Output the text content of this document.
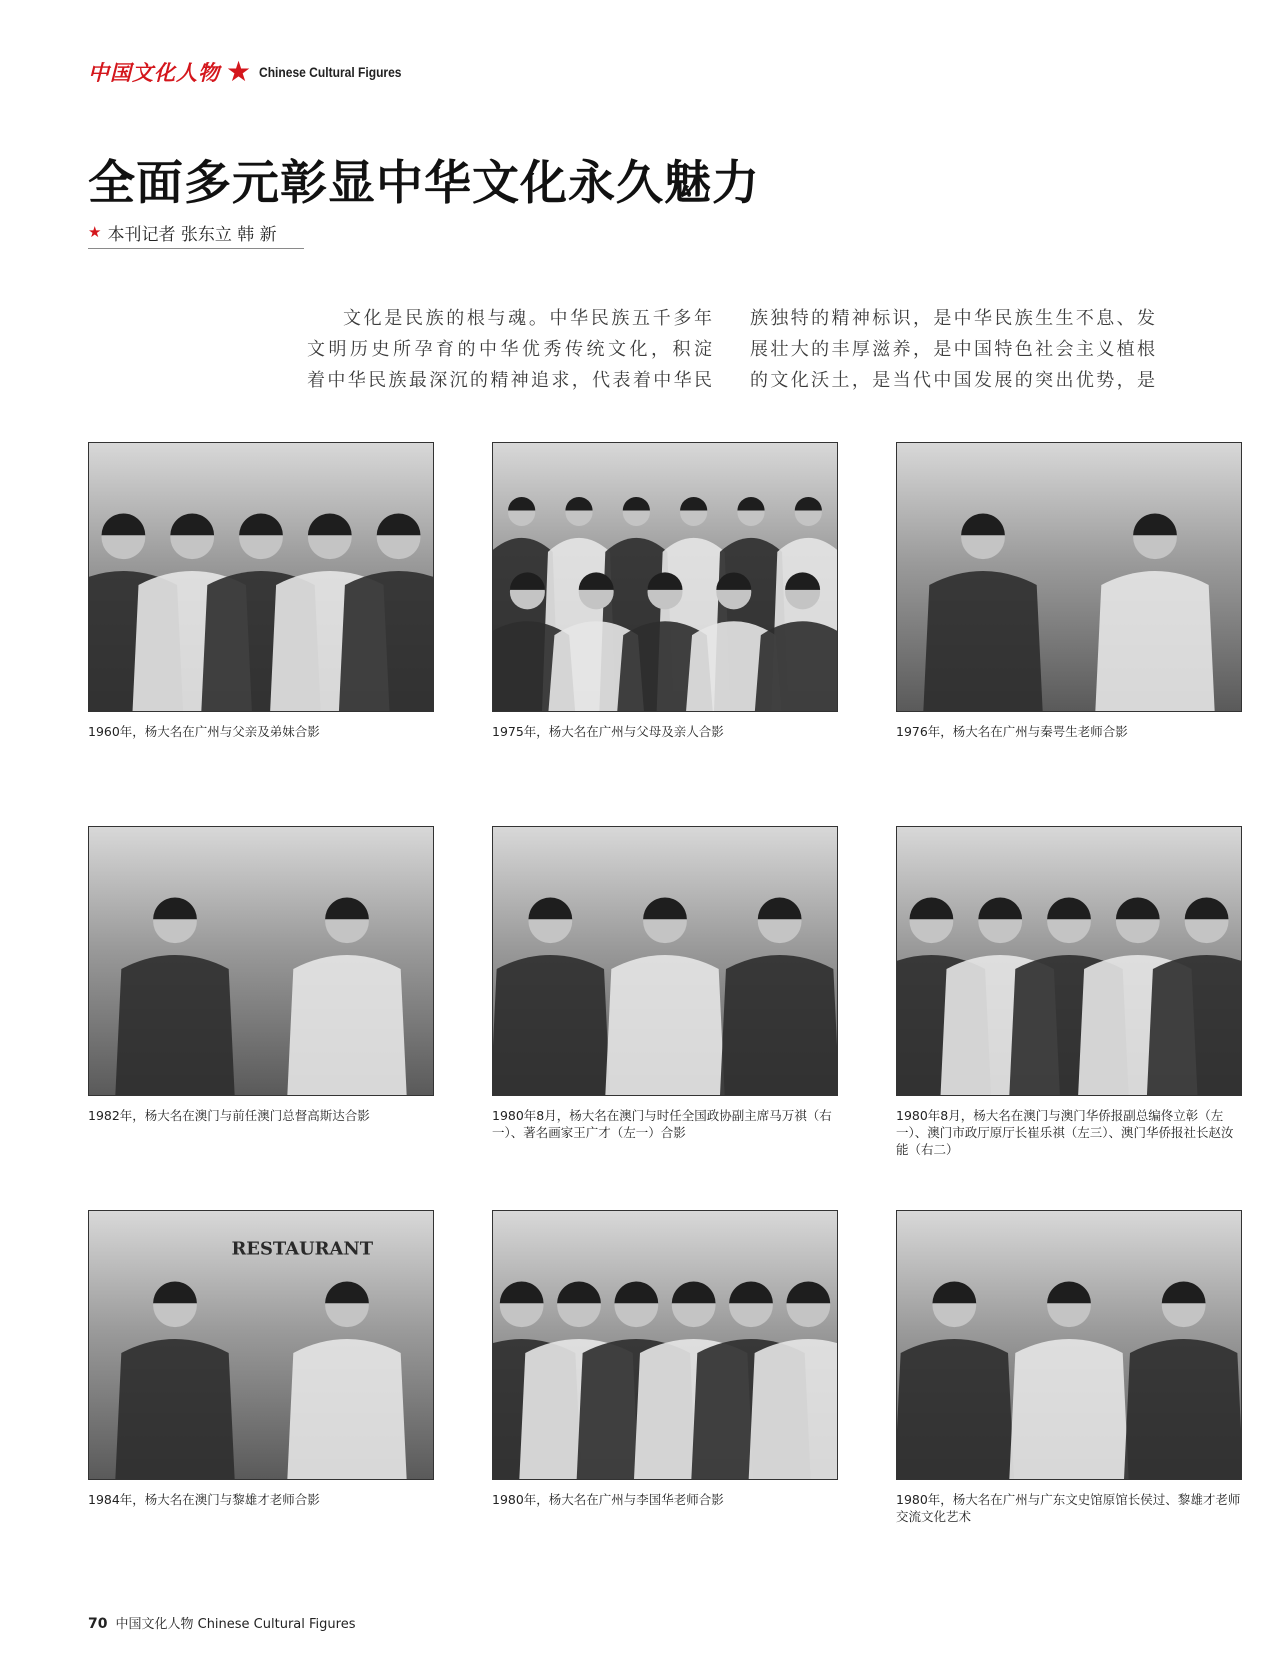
中国文化人物 ★ Chinese Cultural Figures
全面多元彰显中华文化永久魅力
★ 本刊记者 张东立 韩 新

文化是民族的根与魂。中华民族五千多年

文明历史所孕育的中华优秀传统文化，积淀

着中华民族最深沉的精神追求，代表着中华民

族独特的精神标识，是中华民族生生不息、发

展壮大的丰厚滋养，是中国特色社会主义植根

的文化沃土，是当代中国发展的突出优势，是

1960年，杨大名在广州与父亲及弟妹合影	1975年，杨大名在广州与父母及亲人合影	1976年，杨大名在广州与秦咢生老师合影
1982年，杨大名在澳门与前任澳门总督高斯达合影	1980年8月，杨大名在澳门与时任全国政协副主席马万祺（右一）、著名画家王广才（左一）合影
1980年8月，杨大名在澳门与澳门华侨报副总编佟立彰（左一）、澳门市政厅原厅长崔乐祺（左三）、澳门华侨报社长赵汝能（右二）
RESTAURANT
1984年，杨大名在澳门与黎雄才老师合影	1980年，杨大名在广州与李国华老师合影	1980年，杨大名在广州与广东文史馆原馆长侯过、黎雄才老师交流文化艺术
70 中国文化人物 Chinese Cultural Figures
